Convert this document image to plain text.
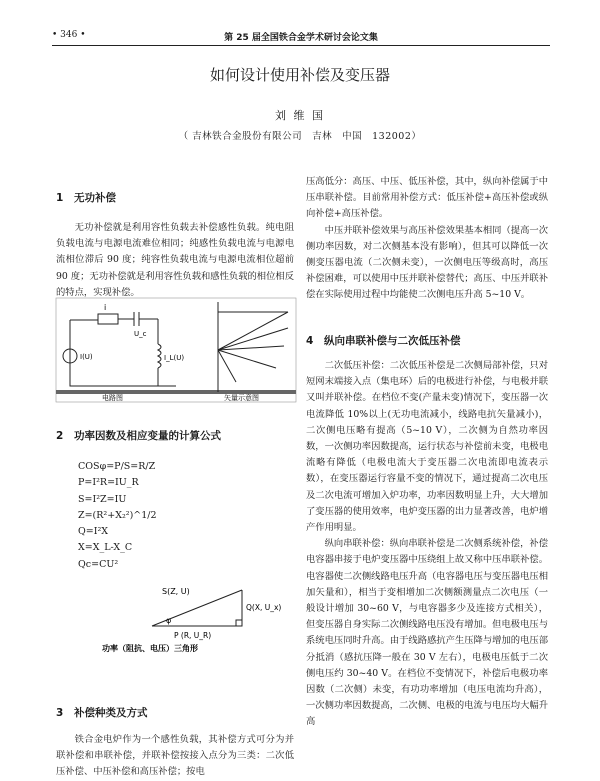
• 346 •	第 25 届全国铁合金学术研讨会论文集
如何设计使用补偿及变压器
刘 维 国
（ 吉林铁合金股份有限公司　吉林　中国　132002）
1 无功补偿

无功补偿就是利用容性负载去补偿感性负载。纯电阻负载电流与电源电流难位相同；纯感性负载电流与电源电流相位滞后 90 度；纯容性负载电流与电源电流相位超前 90 度；无功补偿就是利用容性负载和感性负载的相位相反的特点，实现补偿。

i
U_c
I_L(U)
I(U)
电路图	矢量示意图
2 功率因数及相应变量的计算公式
COSφ=P/S=R/Z
P=I²R=IU_R
S=I²Z=IU
Z=(R²+X₂²)^1/2
Q=I²X
X=X_L-X_C
Qc=CU²
S(Z, U)
Q(X, U_x)
P (R, U_R)
φ
功率（阻抗、电压）三角形
3 补偿种类及方式

铁合金电炉作为一个感性负载，其补偿方式可分为并联补偿和串联补偿，并联补偿按接入点分为三类：二次低压补偿、中压补偿和高压补偿；按电

压高低分：高压、中压、低压补偿，其中，纵向补偿属于中压串联补偿。目前常用补偿方式：低压补偿+高压补偿或纵向补偿+高压补偿。

中压并联补偿效果与高压补偿效果基本相同（提高一次侧功率因数，对二次侧基本没有影响），但其可以降低一次侧变压器电流（二次侧未变），一次侧电压等级高时，高压补偿困难，可以使用中压并联补偿替代；高压、中压并联补偿在实际使用过程中均能使二次侧电压升高 5~10 V。

4 纵向串联补偿与二次低压补偿

二次低压补偿：二次低压补偿是二次侧局部补偿，只对短网末端接入点（集电环）后的电极进行补偿，与电极并联又叫并联补偿。在档位不变(产量未变)情况下，变压器一次电流降低 10%以上(无功电流减小，线路电抗矢量减小)，二次侧电压略有提高（5~10 V），二次侧为自然功率因数，一次侧功率因数提高，运行状态与补偿前未变，电极电流略有降低（电极电流大于变压器二次电流即电流表示数），在变压器运行容量不变的情况下，通过提高二次电压及二次电流可增加入炉功率，功率因数明显上升，大大增加了变压器的使用效率，电炉变压器的出力显著改善，电炉增产作用明显。

纵向串联补偿：纵向串联补偿是二次侧系统补偿，补偿电容器串接于电炉变压器中压绕组上故又称中压串联补偿。电容器使二次侧线路电压升高（电容器电压与变压器电压相加矢量和），相当于变相增加二次侧额测量点二次电压（一般设计增加 30~60 V，与电容器多少及连接方式相关），但变压器自身实际二次侧线路电压没有增加。但电极电压与系统电压同时升高。由于线路感抗产生压降与增加的电压部分抵消（感抗压降一般在 30 V 左右），电极电压低于二次侧电压约 30~40 V。在档位不变情况下，补偿后电极功率因数（二次侧）未变，有功功率增加（电压电流均升高），一次侧功率因数提高，二次侧、电极的电流与电压均大幅升高
